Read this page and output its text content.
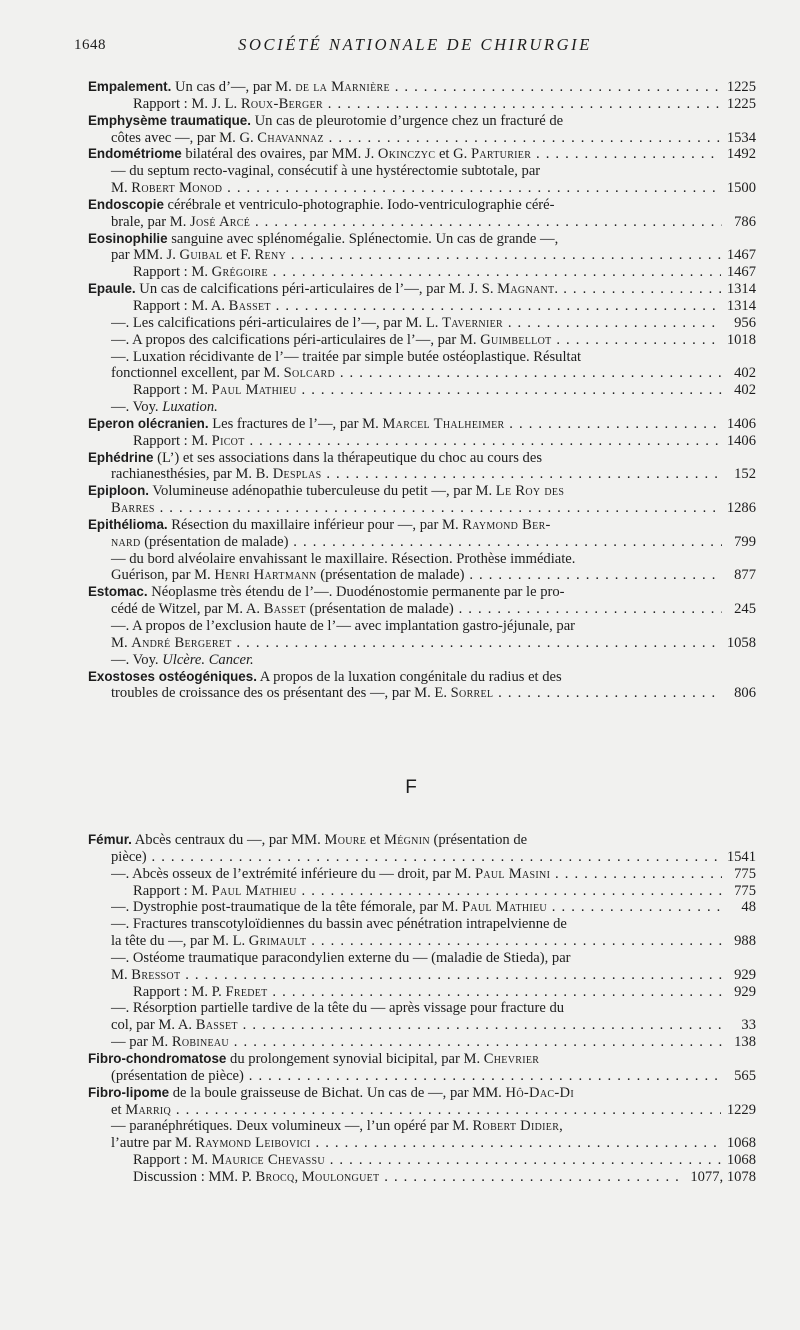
1648	SOCIÉTÉ NATIONALE DE CHIRURGIE
Empalement. Un cas d’—, par M. de la Marnière . . .	1225
Rapport : M. J. L. Roux-Berger . . .	1225
Emphysème traumatique. Un cas de pleurotomie d’urgence chez un fracturé de
côtes avec —, par M. G. Chavannaz . . .	1534
Endométriome bilatéral des ovaires, par MM. J. Okinczyc et G. Parturier . . .	1492
— du septum recto-vaginal, consécutif à une hystérectomie subtotale, par
M. Robert Monod . . .	1500
Endoscopie cérébrale et ventriculo-photographie. Iodo-ventriculographie céré-
brale, par M. José Arcé . . .	786
Eosinophilie sanguine avec splénomégalie. Splénectomie. Un cas de grande —,
par MM. J. Guibal et F. Reny . . .	1467
Rapport : M. Grégoire . . .	1467
Epaule. Un cas de calcifications péri-articulaires de l’—, par M. J. S. Magnant. . . .	1314
Rapport : M. A. Basset . . .	1314
—. Les calcifications péri-articulaires de l’—, par M. L. Tavernier . . .	956
—. A propos des calcifications péri-articulaires de l’—, par M. Guimbellot . . .	1018
—. Luxation récidivante de l’— traitée par simple butée ostéoplastique. Résultat
fonctionnel excellent, par M. Solcard . . .	402
Rapport : M. Paul Mathieu . . .	402
—. Voy. Luxation.
Eperon olécranien. Les fractures de l’—, par M. Marcel Thalheimer . . .	1406
Rapport : M. Picot . . .	1406
Ephédrine (L’) et ses associations dans la thérapeutique du choc au cours des
rachianesthésies, par M. B. Desplas . . .	152
Epiploon. Volumineuse adénopathie tuberculeuse du petit —, par M. Le Roy des
Barres . . .	1286
Epithélioma. Résection du maxillaire inférieur pour —, par M. Raymond Ber-
nard (présentation de malade) . . .	799
— du bord alvéolaire envahissant le maxillaire. Résection. Prothèse immédiate.
Guérison, par M. Henri Hartmann (présentation de malade) . . .	877
Estomac. Néoplasme très étendu de l’—. Duodénostomie permanente par le pro-
cédé de Witzel, par M. A. Basset (présentation de malade) . . .	245
—. A propos de l’exclusion haute de l’— avec implantation gastro-jéjunale, par
M. André Bergeret . . .	1058
—. Voy. Ulcère. Cancer.
Exostoses ostéogéniques. A propos de la luxation congénitale du radius et des
troubles de croissance des os présentant des —, par M. E. Sorrel . . .	806
F
Fémur. Abcès centraux du —, par MM. Moure et Mégnin (présentation de
pièce) . . .	1541
—. Abcès osseux de l’extrémité inférieure du — droit, par M. Paul Masini . . .	775
Rapport : M. Paul Mathieu . . .	775
—. Dystrophie post-traumatique de la tête fémorale, par M. Paul Mathieu . . .	48
—. Fractures transcotyloïdiennes du bassin avec pénétration intrapelvienne de
la tête du —, par M. L. Grimault . . .	988
—. Ostéome traumatique paracondylien externe du — (maladie de Stieda), par
M. Bressot . . .	929
Rapport : M. P. Fredet . . .	929
—. Résorption partielle tardive de la tête du — après vissage pour fracture du
col, par M. A. Basset . . .	33
— par M. Robineau . . .	138
Fibro-chondromatose du prolongement synovial bicipital, par M. Chevrier
(présentation de pièce) . . .	565
Fibro-lipome de la boule graisseuse de Bichat. Un cas de —, par MM. Hô-Dac-Di
et Marriq . . .	1229
— paranéphrétiques. Deux volumineux —, l’un opéré par M. Robert Didier,
l’autre par M. Raymond Leibovici . . .	1068
Rapport : M. Maurice Chevassu . . .	1068
Discussion : MM. P. Brocq, Moulonguet . . .	1077, 1078
